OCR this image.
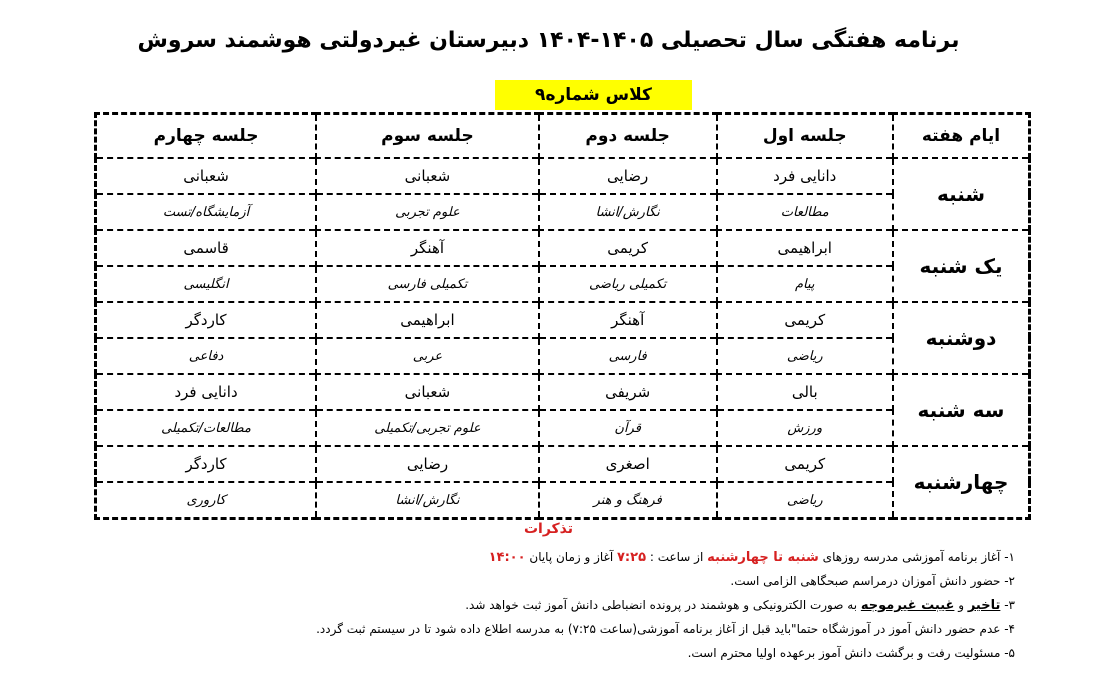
برنامه هفتگی سال تحصیلی ۱۴۰۵-۱۴۰۴ دبیرستان غیردولتی هوشمند سروش
کلاس شماره۹
ایام هفته	جلسه اول	جلسه دوم	جلسه سوم	جلسه چهارم
شنبه	دانایی فرد	رضایی	شعبانی	شعبانی
	مطالعات	نگارش/انشا	علوم تجربی	آزمایشگاه/تست
یک شنبه	ابراهیمی	کریمی	آهنگر	قاسمی
	پیام	تکمیلی ریاضی	تکمیلی فارسی	انگلیسی
دوشنبه	کریمی	آهنگر	ابراهیمی	کاردگر
	ریاضی	فارسی	عربی	دفاعی
سه شنبه	بالی	شریفی	شعبانی	دانایی فرد
	ورزش	قرآن	علوم تجربی/تکمیلی	مطالعات/تکمیلی
چهارشنبه	کریمی	اصغری	رضایی	کاردگر
	ریاضی	فرهنگ و هنر	نگارش/انشا	کاروری
تذکرات
۱- آغاز برنامه آموزشی مدرسه روزهای شنبه تا چهارشنبه از ساعت : ۷:۲۵ آغاز و زمان پایان ۱۴:۰۰
۲- حضور دانش آموزان درمراسم صبحگاهی الزامی است.
۳- تاخیر و غیبت غیرموجه به صورت الکترونیکی و هوشمند در پرونده انضباطی دانش آموز ثبت خواهد شد.
۴- عدم حضور دانش آموز در آموزشگاه حتما"باید قبل از آغاز برنامه آموزشی(ساعت ۷:۲۵) به مدرسه اطلاع داده شود تا در سیستم ثبت گردد.
۵- مسئولیت رفت و برگشت دانش آموز برعهده اولیا محترم است.
